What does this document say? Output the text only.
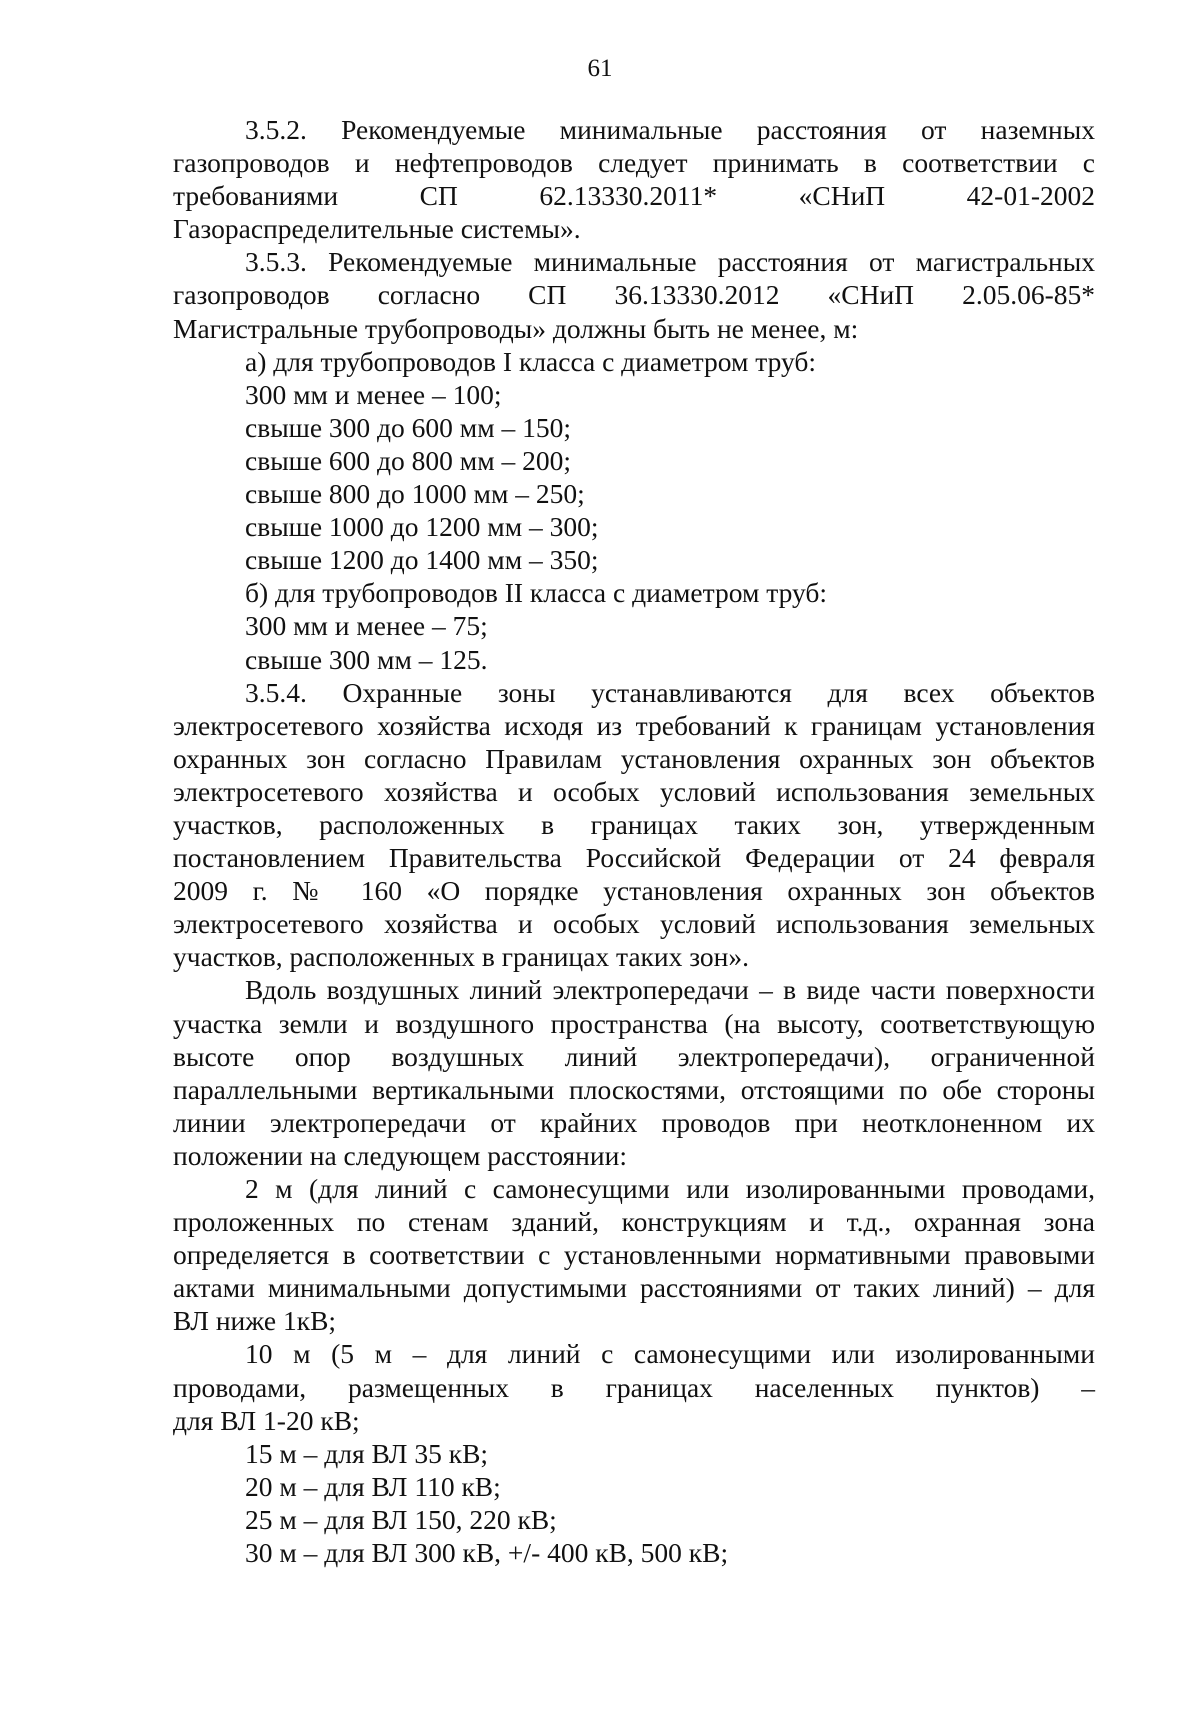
61

3.5.2. Рекомендуемые минимальные расстояния от наземных

газопроводов и нефтепроводов следует принимать в соответствии с

требованиями СП 62.13330.2011* «СНиП 42-01-2002

Газораспределительные системы».

3.5.3. Рекомендуемые минимальные расстояния от магистральных

газопроводов согласно СП 36.13330.2012 «СНиП 2.05.06-85*

Магистральные трубопроводы» должны быть не менее, м:

а) для трубопроводов I класса с диаметром труб:

300 мм и менее – 100;

свыше 300 до 600 мм – 150;

свыше 600 до 800 мм – 200;

свыше 800 до 1000 мм – 250;

свыше 1000 до 1200 мм – 300;

свыше 1200 до 1400 мм – 350;

б) для трубопроводов II класса с диаметром труб:

300 мм и менее – 75;

свыше 300 мм – 125.

3.5.4. Охранные зоны устанавливаются для всех объектов

электросетевого хозяйства исходя из требований к границам установления

охранных зон согласно Правилам установления охранных зон объектов

электросетевого хозяйства и особых условий использования земельных

участков, расположенных в границах таких зон, утвержденным

постановлением Правительства Российской Федерации от 24 февраля

2009 г. № 160 «О порядке установления охранных зон объектов

электросетевого хозяйства и особых условий использования земельных

участков, расположенных в границах таких зон».

Вдоль воздушных линий электропередачи – в виде части поверхности

участка земли и воздушного пространства (на высоту, соответствующую

высоте опор воздушных линий электропередачи), ограниченной

параллельными вертикальными плоскостями, отстоящими по обе стороны

линии электропередачи от крайних проводов при неотклоненном их

положении на следующем расстоянии:

2 м (для линий с самонесущими или изолированными проводами,

проложенных по стенам зданий, конструкциям и т.д., охранная зона

определяется в соответствии с установленными нормативными правовыми

актами минимальными допустимыми расстояниями от таких линий) – для

ВЛ ниже 1кВ;

10 м (5 м – для линий с самонесущими или изолированными

проводами, размещенных в границах населенных пунктов) –

для ВЛ 1-20 кВ;

15 м – для ВЛ 35 кВ;

20 м – для ВЛ 110 кВ;

25 м – для ВЛ 150, 220 кВ;

30 м – для ВЛ 300 кВ, +/- 400 кВ, 500 кВ;
